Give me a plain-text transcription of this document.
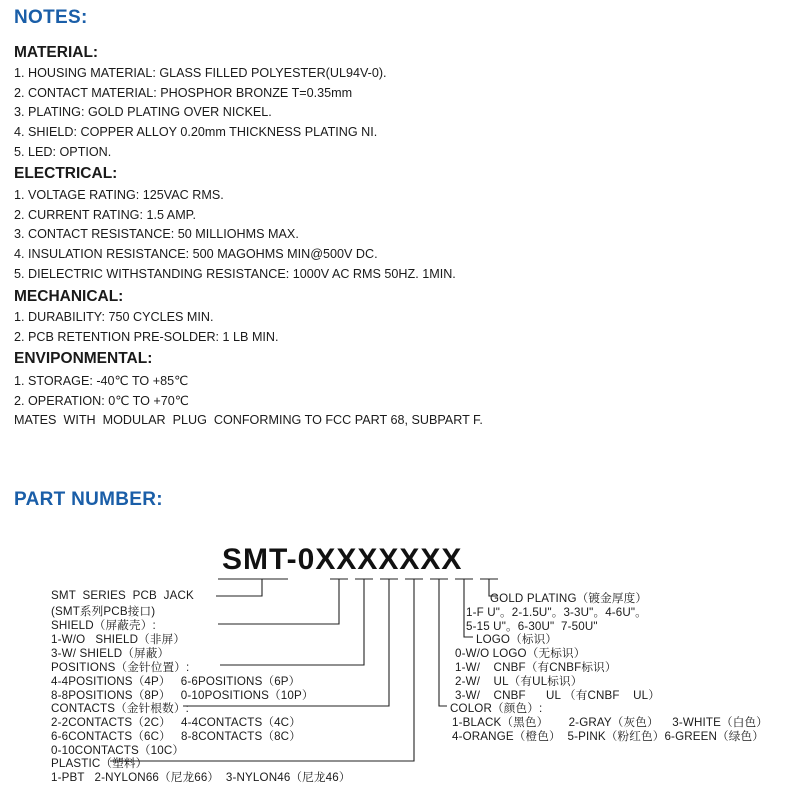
NOTES:
MATERIAL:
1. HOUSING MATERIAL: GLASS FILLED POLYESTER(UL94V-0).
2. CONTACT MATERIAL: PHOSPHOR BRONZE T=0.35mm
3. PLATING: GOLD PLATING OVER NICKEL.
4. SHIELD: COPPER ALLOY 0.20mm THICKNESS PLATING NI.
5. LED: OPTION.
ELECTRICAL:
1. VOLTAGE RATING: 125VAC RMS.
2. CURRENT RATING: 1.5 AMP.
3. CONTACT RESISTANCE: 50 MILLIOHMS MAX.
4. INSULATION RESISTANCE: 500 MAGOHMS MIN@500V DC.
5. DIELECTRIC WITHSTANDING RESISTANCE: 1000V AC RMS 50HZ. 1MIN.
MECHANICAL:
1. DURABILITY: 750 CYCLES MIN.
2. PCB RETENTION PRE-SOLDER: 1 LB MIN.
ENVIPONMENTAL:
1. STORAGE: -40℃ TO +85℃
2. OPERATION: 0℃ TO +70℃
MATES  WITH  MODULAR  PLUG  CONFORMING TO FCC PART 68, SUBPART F.
PART NUMBER:
SMT-0XXXXXXX
SMT  SERIES  PCB  JACK
(SMT系列PCB接口)
SHIELD（屏蔽壳）:
1-W/O   SHIELD（非屏）
3-W/ SHIELD（屏蔽）
POSITIONS（金针位置）:
4-4POSITIONS（4P）   6-6POSITIONS（6P）
8-8POSITIONS（8P）   0-10POSITIONS（10P）
CONTACTS（金针根数）:
2-2CONTACTS（2C）   4-4CONTACTS（4C）
6-6CONTACTS（6C）   8-8CONTACTS（8C）
0-10CONTACTS（10C）
PLASTIC（塑料）
1-PBT   2-NYLON66（尼龙66）  3-NYLON46（尼龙46）
GOLD PLATING（镀金厚度）
1-F U"。2-1.5U"。3-3U"。4-6U"。
5-15 U"。6-30U"  7-50U"
LOGO（标识）
0-W/O LOGO（无标识）
1-W/    CNBF（有CNBF标识）
2-W/    UL（有UL标识）
3-W/    CNBF      UL （有CNBF    UL）
COLOR（颜色）:
1-BLACK（黑色）      2-GRAY（灰色）    3-WHITE（白色）
4-ORANGE（橙色）  5-PINK（粉红色）6-GREEN（绿色）
